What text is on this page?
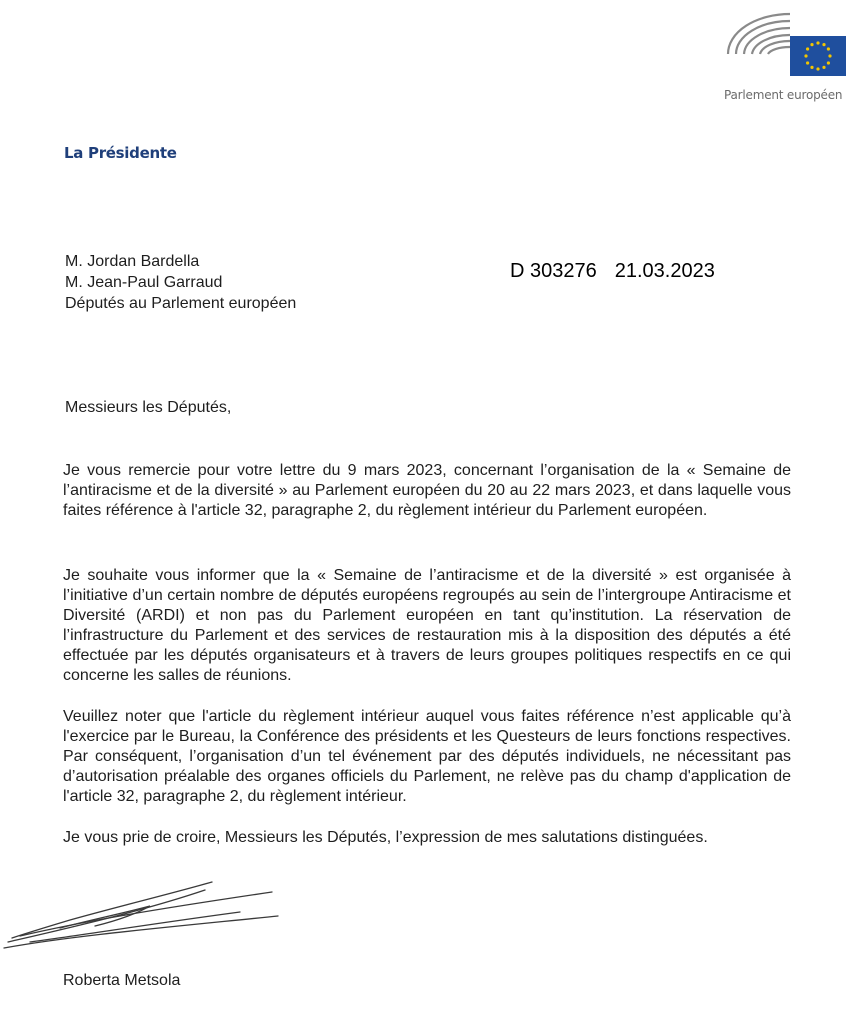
Parlement européen
La Présidente
M. Jordan Bardella
M. Jean-Paul Garraud
Députés au Parlement européen
D 303276 21.03.2023
Messieurs les Députés,
Je vous remercie pour votre lettre du 9 mars 2023, concernant l’organisation de la « Semaine de l’antiracisme et de la diversité » au Parlement européen du 20 au 22 mars 2023, et dans laquelle vous faites référence à l'article 32, paragraphe 2, du règlement intérieur du Parlement européen.
Je souhaite vous informer que la « Semaine de l’antiracisme et de la diversité » est organisée à l’initiative d’un certain nombre de députés européens regroupés au sein de l’intergroupe Antiracisme et Diversité (ARDI) et non pas du Parlement européen en tant qu’institution. La réservation de l’infrastructure du Parlement et des services de restauration mis à la disposition des députés a été effectuée par les députés organisateurs et à travers de leurs groupes politiques respectifs en ce qui concerne les salles de réunions.
Veuillez noter que l'article du règlement intérieur auquel vous faites référence n’est applicable qu’à l'exercice par le Bureau, la Conférence des présidents et les Questeurs de leurs fonctions respectives. Par conséquent, l’organisation d’un tel événement par des députés individuels, ne nécessitant pas d’autorisation préalable des organes officiels du Parlement, ne relève pas du champ d'application de l'article 32, paragraphe 2, du règlement intérieur.
Je vous prie de croire, Messieurs les Députés, l’expression de mes salutations distinguées.
Roberta Metsola
